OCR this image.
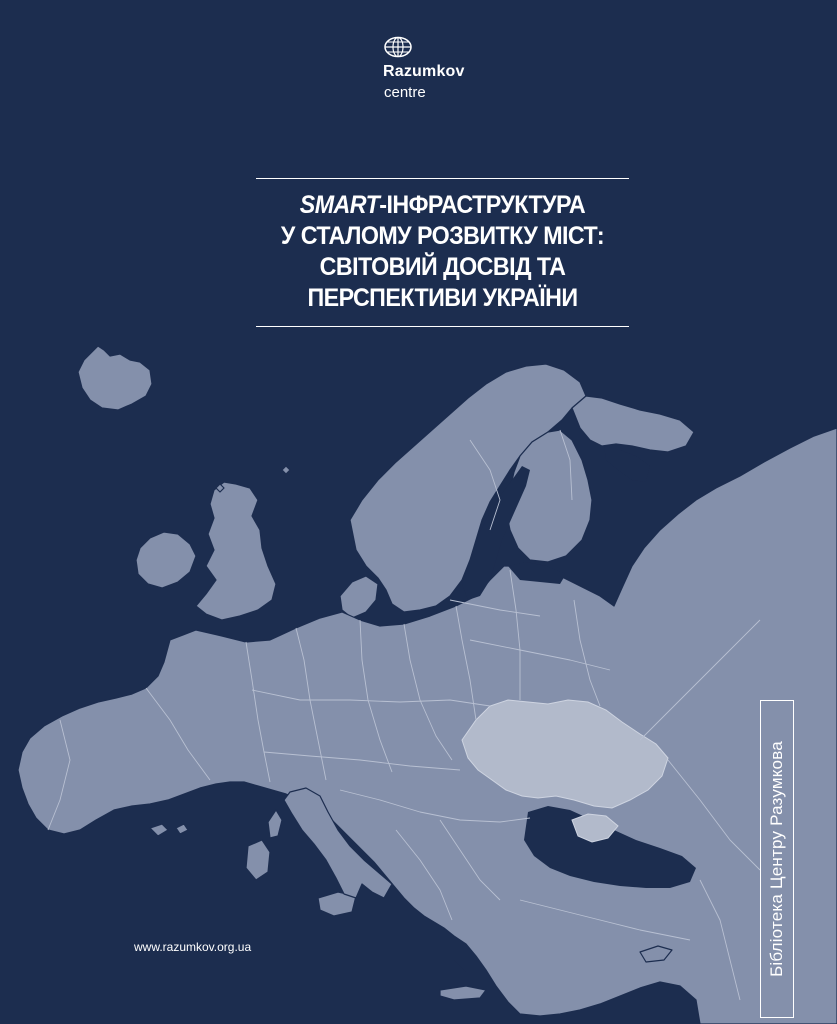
Razumkov
centre
SMART-ІНФРАСТРУКТУРА
У СТАЛОМУ РОЗВИТКУ МІСТ:
СВІТОВИЙ ДОСВІД ТА
ПЕРСПЕКТИВИ УКРАЇНИ
www.razumkov.org.ua	Бібліотека Центру Разумкова
